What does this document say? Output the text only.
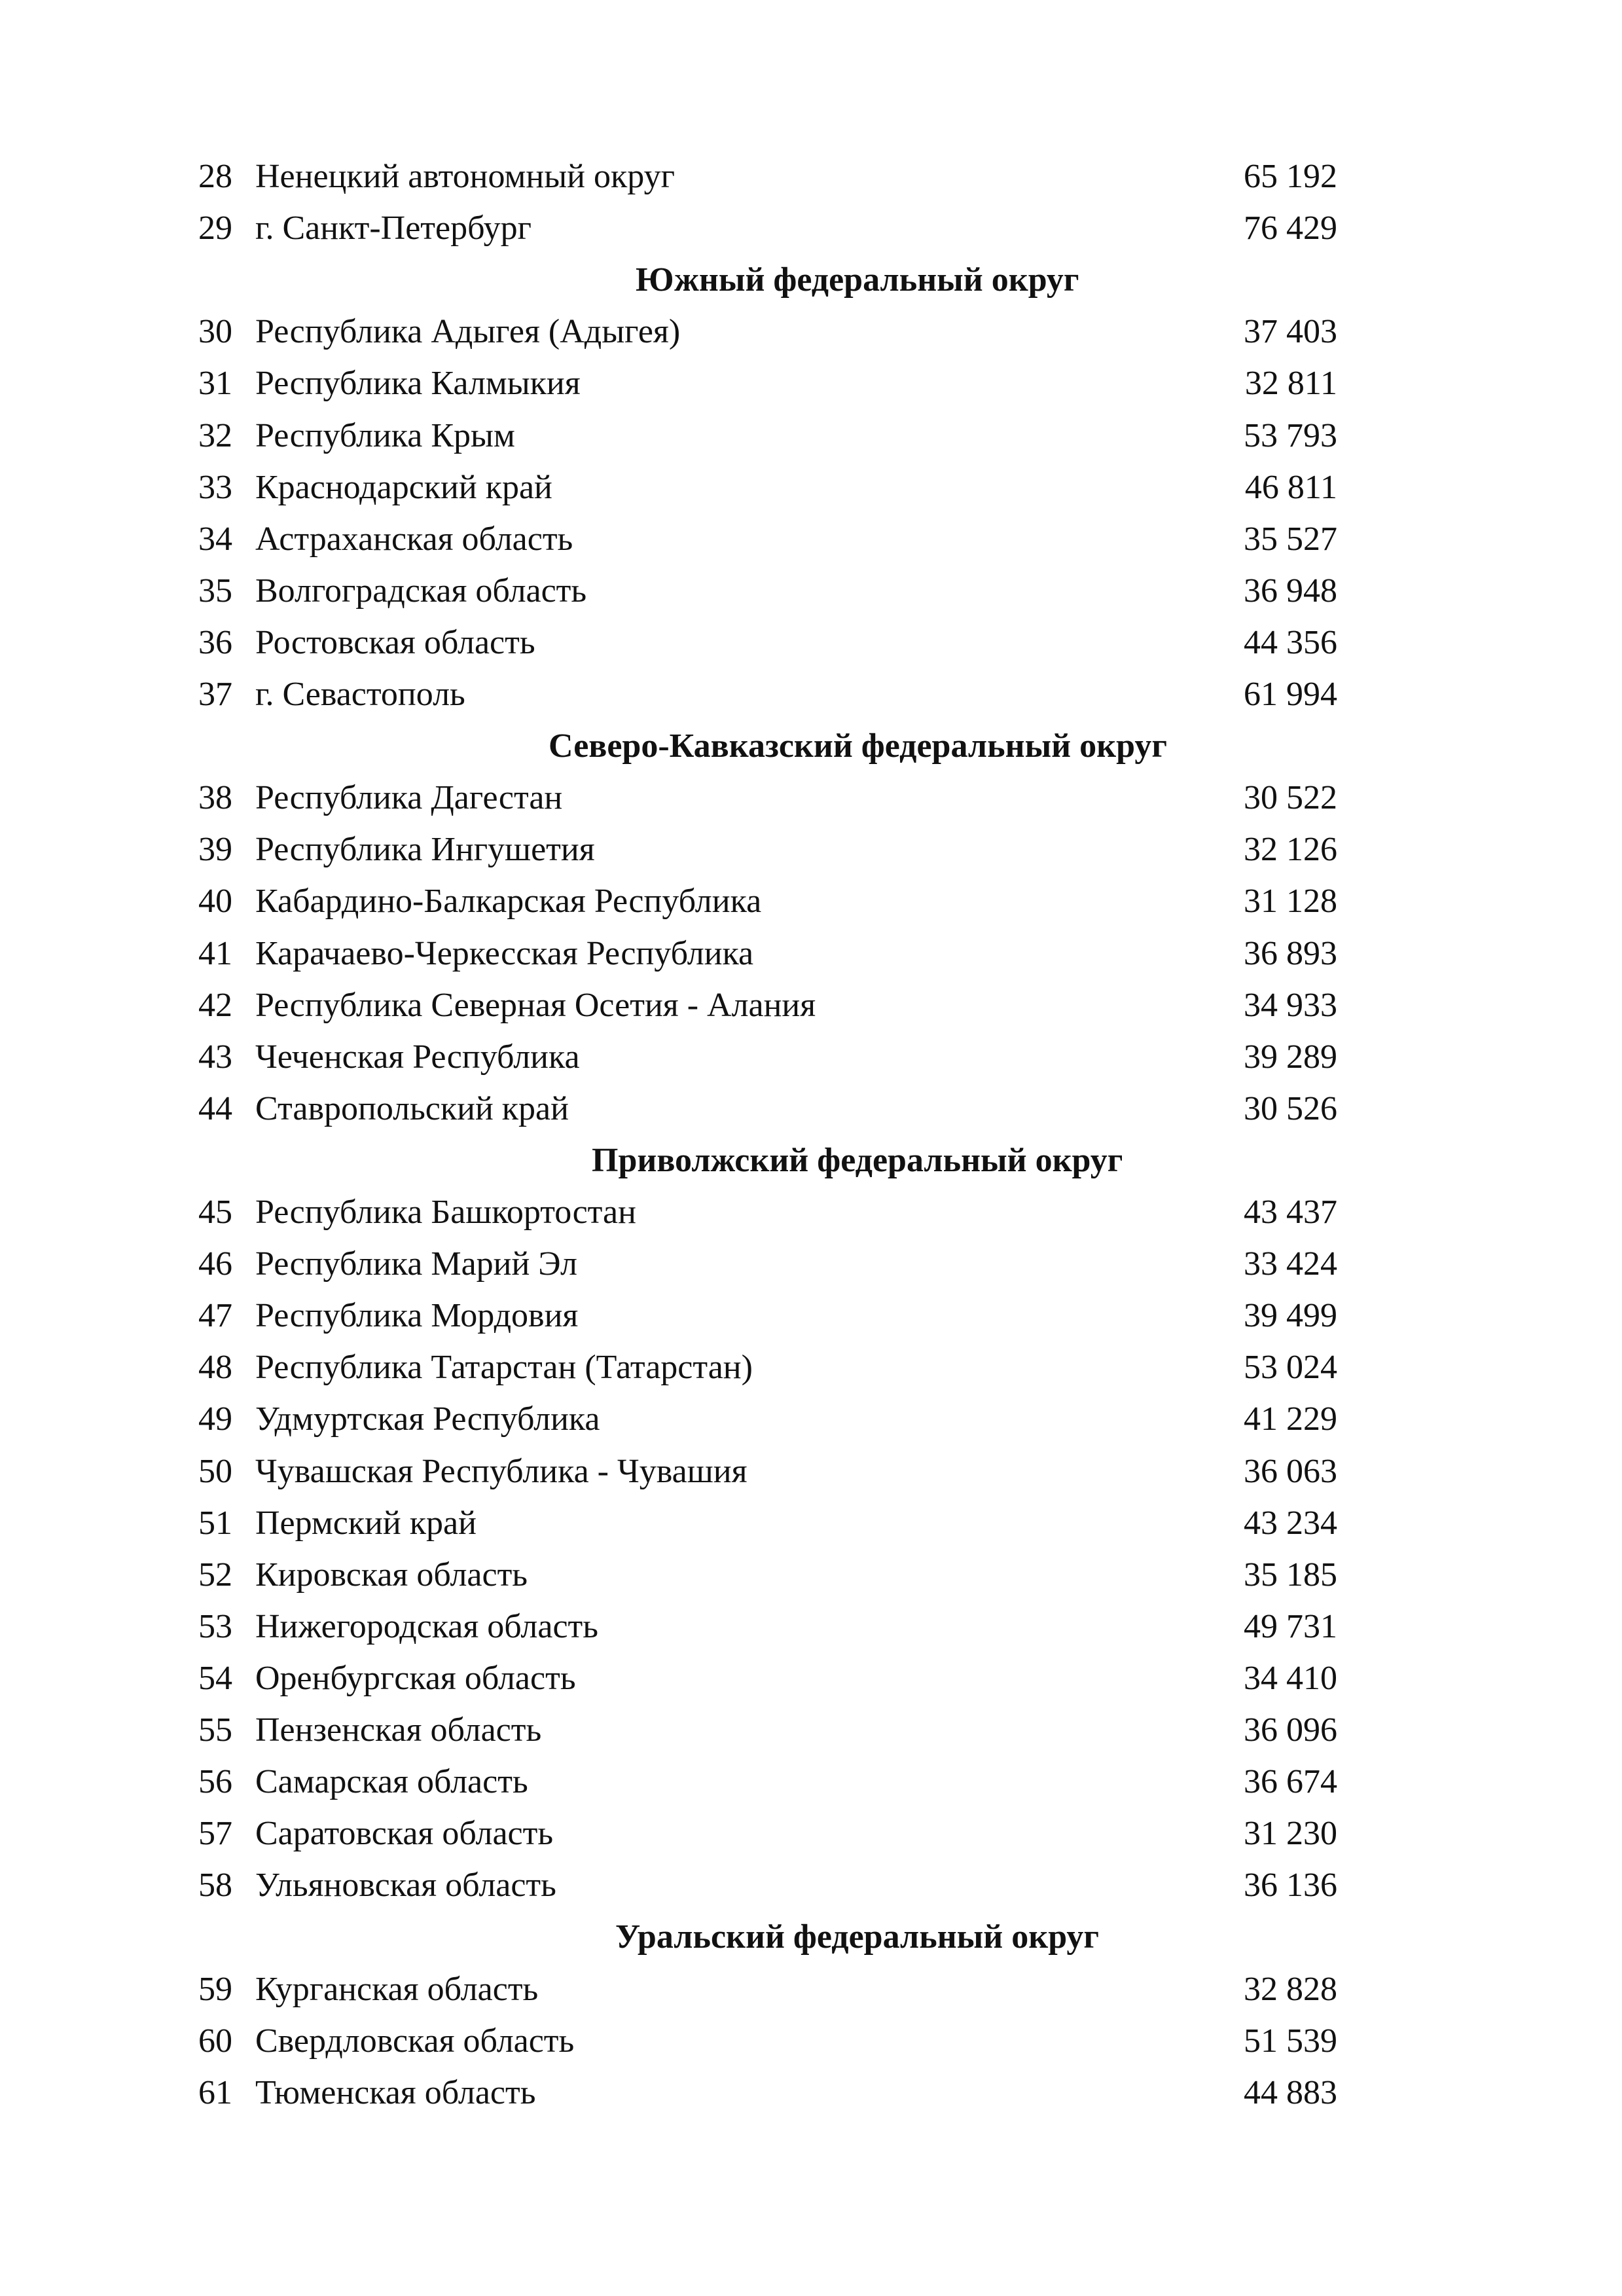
28 Ненецкий автономный округ	65 192
29 г. Санкт-Петербург	76 429
Южный федеральный округ
30 Республика Адыгея (Адыгея)	37 403
31 Республика Калмыкия	32 811
32 Республика Крым	53 793
33 Краснодарский край	46 811
34 Астраханская область	35 527
35 Волгоградская область	36 948
36 Ростовская область	44 356
37 г. Севастополь	61 994
Северо-Кавказский федеральный округ
38 Республика Дагестан	30 522
39 Республика Ингушетия	32 126
40 Кабардино-Балкарская Республика	31 128
41 Карачаево-Черкесская Республика	36 893
42 Республика Северная Осетия - Алания	34 933
43 Чеченская Республика	39 289
44 Ставропольский край	30 526
Приволжский федеральный округ
45 Республика Башкортостан	43 437
46 Республика Марий Эл	33 424
47 Республика Мордовия	39 499
48 Республика Татарстан (Татарстан)	53 024
49 Удмуртская Республика	41 229
50 Чувашская Республика - Чувашия	36 063
51 Пермский край	43 234
52 Кировская область	35 185
53 Нижегородская область	49 731
54 Оренбургская область	34 410
55 Пензенская область	36 096
56 Самарская область	36 674
57 Саратовская область	31 230
58 Ульяновская область	36 136
Уральский федеральный округ
59 Курганская область	32 828
60 Свердловская область	51 539
61 Тюменская область	44 883
